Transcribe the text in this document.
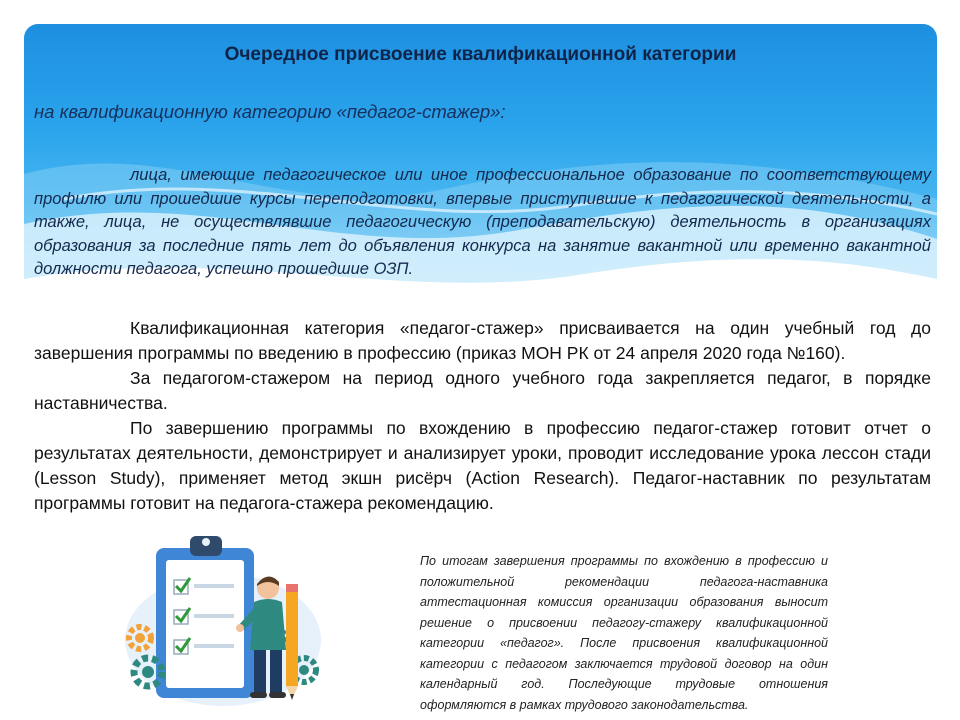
Очередное присвоение квалификационной категории
на квалификационную категорию «педагог-стажер»:

лица, имеющие педагогическое или иное профессиональное образование по соответствующему профилю или прошедшие курсы переподготовки, впервые приступившие к педагогической деятельности, а также, лица, не осуществлявшие педагогическую (преподавательскую) деятельность в организациях образования за последние пять лет до объявления конкурса на занятие вакантной или временно вакантной должности педагога, успешно прошедшие ОЗП.

Квалификационная категория «педагог-стажер» присваивается на один учебный год до завершения программы по введению в профессию (приказ МОН РК от 24 апреля 2020 года №160).

За педагогом-стажером на период одного учебного года закрепляется педагог, в порядке наставничества.

По завершению программы по вхождению в профессию педагог-стажер готовит отчет о результатах деятельности, демонстрирует и анализирует уроки, проводит исследование урока лессон стади (Lesson Study), применяет метод экшн рисёрч (Action Research). Педагог-наставник по результатам программы готовит на педагога-стажера рекомендацию.

По итогам завершения программы по вхождению в профессию и положительной рекомендации педагога-наставника аттестационная комиссия организации образования выносит решение о присвоении педагогу-стажеру квалификационной категории «педагог». После присвоения квалификационной категории с педагогом заключается трудовой договор на один календарный год. Последующие трудовые отношения оформляются в рамках трудового законодательства.
